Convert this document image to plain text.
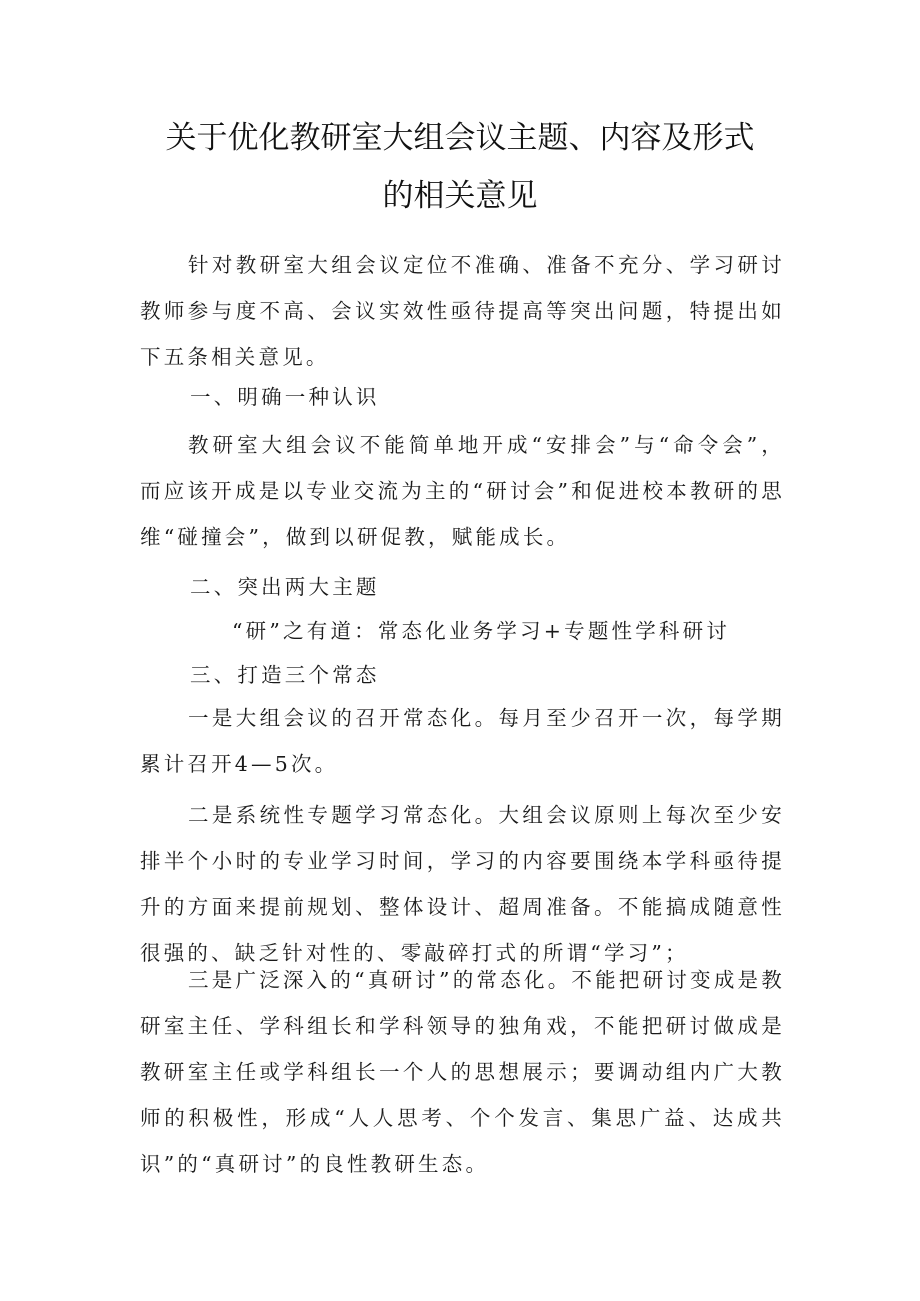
关于优化教研室大组会议主题、内容及形式
的相关意见
针对教研室大组会议定位不准确、准备不充分、学习研讨教师参与度不高、会议实效性亟待提高等突出问题，特提出如下五条相关意见。
一、明确一种认识
教研室大组会议不能简单地开成“安排会”与“命令会”，而应该开成是以专业交流为主的“研讨会”和促进校本教研的思维“碰撞会”，做到以研促教，赋能成长。
二、突出两大主题
“研”之有道：常态化业务学习+专题性学科研讨
三、打造三个常态
一是大组会议的召开常态化。每月至少召开一次，每学期累计召开4—5次。
二是系统性专题学习常态化。大组会议原则上每次至少安排半个小时的专业学习时间，学习的内容要围绕本学科亟待提升的方面来提前规划、整体设计、超周准备。不能搞成随意性很强的、缺乏针对性的、零敲碎打式的所谓“学习”；
三是广泛深入的“真研讨”的常态化。不能把研讨变成是教研室主任、学科组长和学科领导的独角戏，不能把研讨做成是教研室主任或学科组长一个人的思想展示；要调动组内广大教师的积极性，形成“人人思考、个个发言、集思广益、达成共识”的“真研讨”的良性教研生态。
